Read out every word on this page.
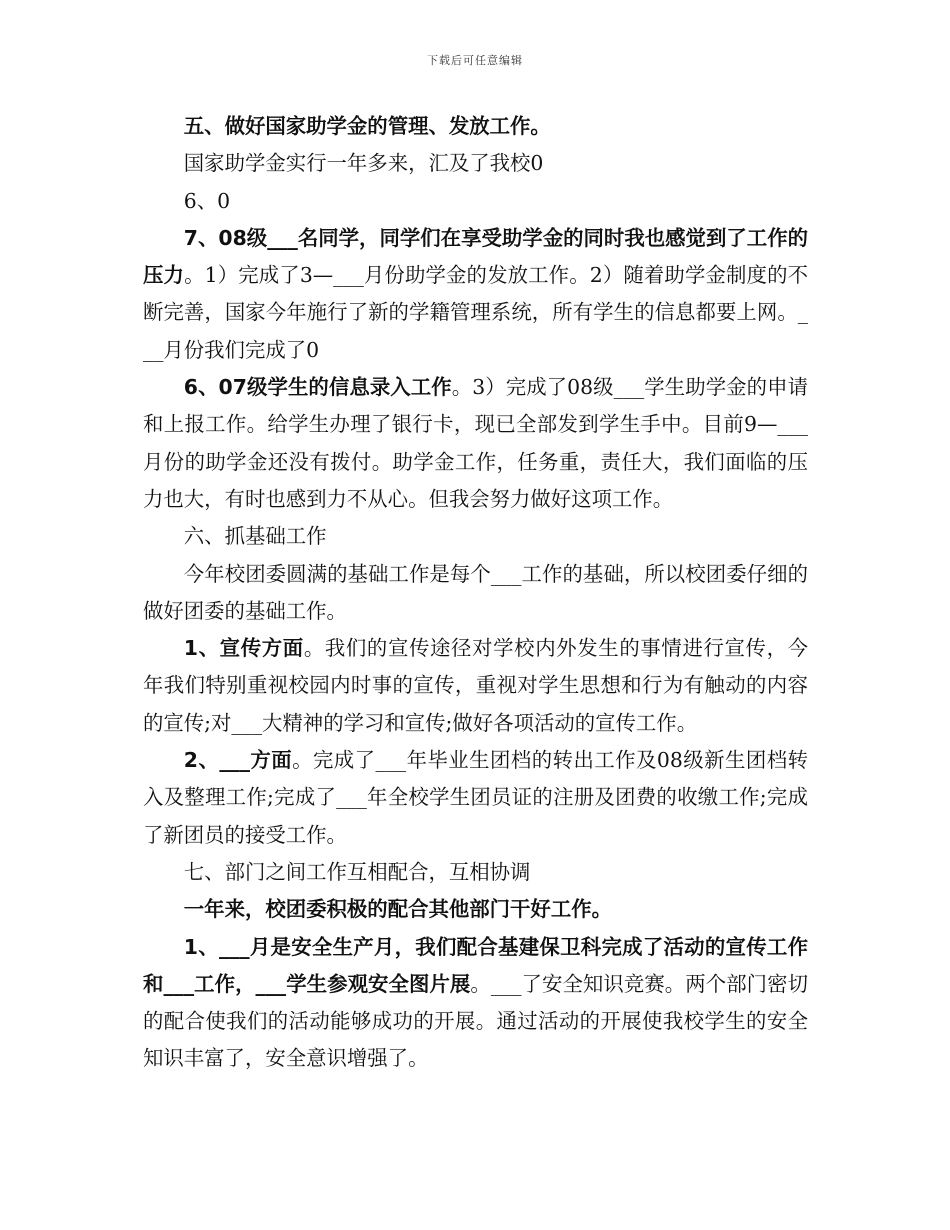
下载后可任意编辑

五、做好国家助学金的管理、发放工作。

国家助学金实行一年多来，汇及了我校0

6、0

7、08级___名同学，同学们在享受助学金的同时我也感觉到了工作的压力。1）完成了3—___月份助学金的发放工作。2）随着助学金制度的不断完善，国家今年施行了新的学籍管理系统，所有学生的信息都要上网。___月份我们完成了0

6、07级学生的信息录入工作。3）完成了08级___学生助学金的申请和上报工作。给学生办理了银行卡，现已全部发到学生手中。目前9—___月份的助学金还没有拨付。助学金工作，任务重，责任大，我们面临的压力也大，有时也感到力不从心。但我会努力做好这项工作。

六、抓基础工作

今年校团委圆满的基础工作是每个___工作的基础，所以校团委仔细的做好团委的基础工作。

1、宣传方面。我们的宣传途径对学校内外发生的事情进行宣传，今年我们特别重视校园内时事的宣传，重视对学生思想和行为有触动的内容的宣传;对___大精神的学习和宣传;做好各项活动的宣传工作。

2、___方面。完成了___年毕业生团档的转出工作及08级新生团档转入及整理工作;完成了___年全校学生团员证的注册及团费的收缴工作;完成了新团员的接受工作。

七、部门之间工作互相配合，互相协调

一年来，校团委积极的配合其他部门干好工作。

1、___月是安全生产月，我们配合基建保卫科完成了活动的宣传工作和___工作，___学生参观安全图片展。___了安全知识竞赛。两个部门密切的配合使我们的活动能够成功的开展。通过活动的开展使我校学生的安全知识丰富了，安全意识增强了。
